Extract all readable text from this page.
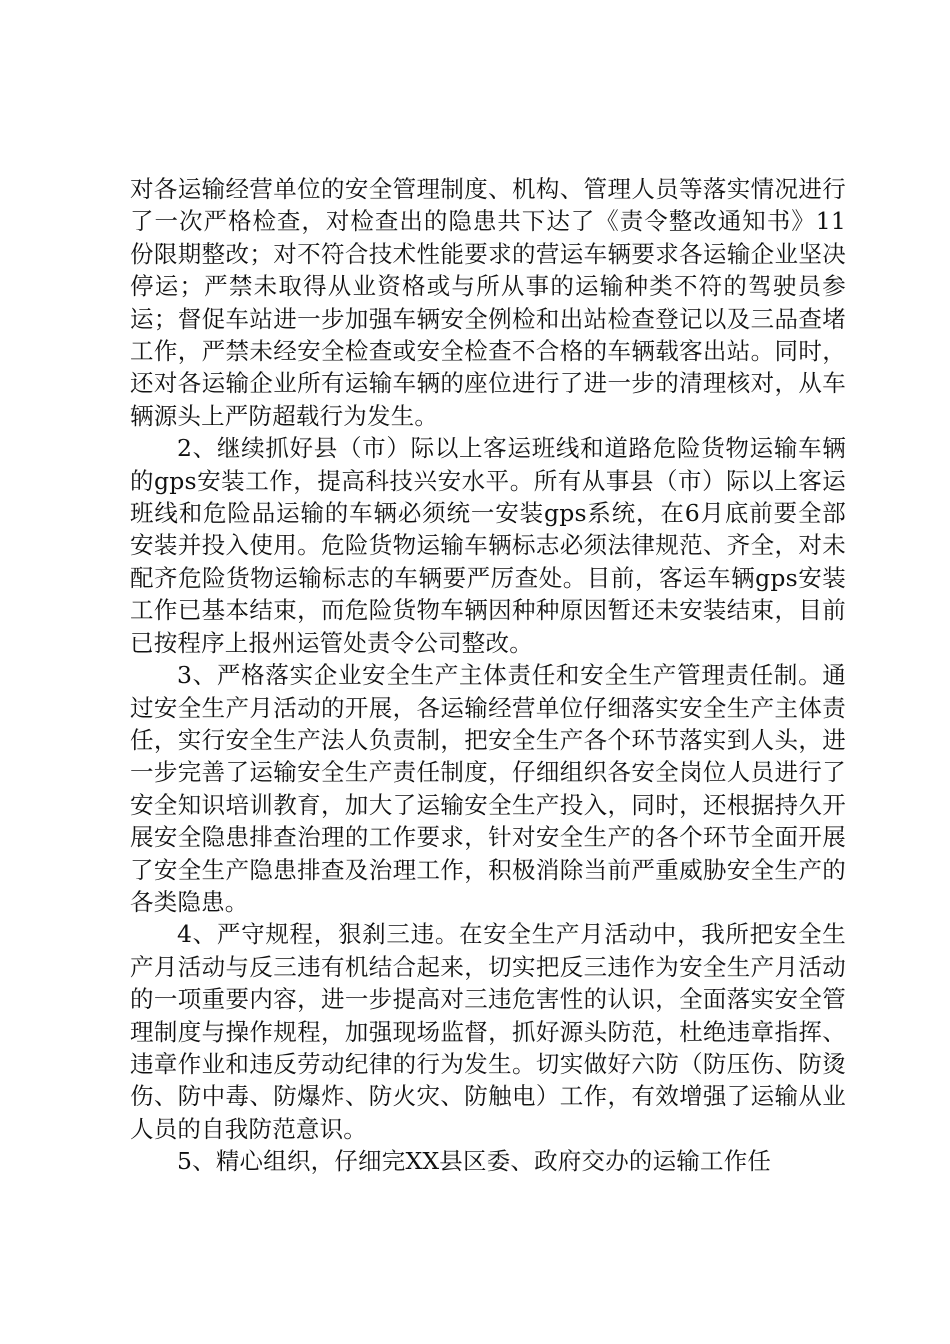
对各运输经营单位的安全管理制度、机构、管理人员等落实情况进行了一次严格检查，对检查出的隐患共下达了《责令整改通知书》11份限期整改；对不符合技术性能要求的营运车辆要求各运输企业坚决停运；严禁未取得从业资格或与所从事的运输种类不符的驾驶员参运；督促车站进一步加强车辆安全例检和出站检查登记以及三品查堵工作，严禁未经安全检查或安全检查不合格的车辆载客出站。同时，还对各运输企业所有运输车辆的座位进行了进一步的清理核对，从车辆源头上严防超载行为发生。

2、继续抓好县（市）际以上客运班线和道路危险货物运输车辆的gps安装工作，提高科技兴安水平。所有从事县（市）际以上客运班线和危险品运输的车辆必须统一安装gps系统，在6月底前要全部安装并投入使用。危险货物运输车辆标志必须法律规范、齐全，对未配齐危险货物运输标志的车辆要严厉查处。目前，客运车辆gps安装工作已基本结束，而危险货物车辆因种种原因暂还未安装结束，目前已按程序上报州运管处责令公司整改。

3、严格落实企业安全生产主体责任和安全生产管理责任制。通过安全生产月活动的开展，各运输经营单位仔细落实安全生产主体责任，实行安全生产法人负责制，把安全生产各个环节落实到人头，进一步完善了运输安全生产责任制度，仔细组织各安全岗位人员进行了安全知识培训教育，加大了运输安全生产投入，同时，还根据持久开展安全隐患排查治理的工作要求，针对安全生产的各个环节全面开展了安全生产隐患排查及治理工作，积极消除当前严重威胁安全生产的各类隐患。

4、严守规程，狠刹三违。在安全生产月活动中，我所把安全生产月活动与反三违有机结合起来，切实把反三违作为安全生产月活动的一项重要内容，进一步提高对三违危害性的认识，全面落实安全管理制度与操作规程，加强现场监督，抓好源头防范，杜绝违章指挥、违章作业和违反劳动纪律的行为发生。切实做好六防（防压伤、防烫伤、防中毒、防爆炸、防火灾、防触电）工作，有效增强了运输从业人员的自我防范意识。

5、精心组织，仔细完XX县区委、政府交办的运输工作任
